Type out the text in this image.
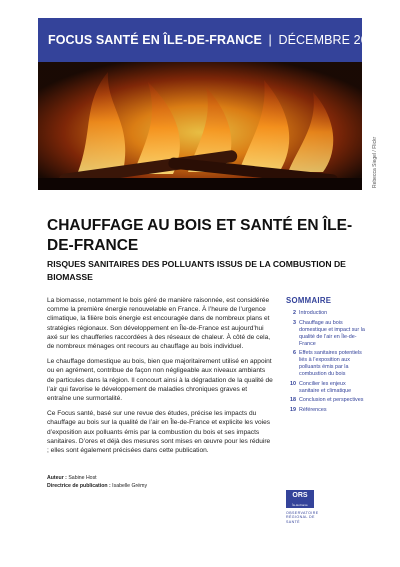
FOCUS SANTÉ EN ÎLE-DE-FRANCE | DÉCEMBRE 2018
Rebecca Siegel / Flickr
CHAUFFAGE AU BOIS ET SANTÉ EN ÎLE-DE-FRANCE
RISQUES SANITAIRES DES POLLUANTS ISSUS DE LA COMBUSTION DE BIOMASSE

La biomasse, notamment le bois géré de manière raisonnée, est considérée comme la première énergie renouvelable en France. À l’heure de l’urgence climatique, la filière bois énergie est encouragée dans de nombreux plans et stratégies régionaux. Son développement en Île-de-France est aujourd’hui axé sur les chaufferies raccordées à des réseaux de chaleur. À côté de cela, de nombreux ménages ont recours au chauffage au bois individuel.

Le chauffage domestique au bois, bien que majoritairement utilisé en appoint ou en agrément, contribue de façon non négligeable aux niveaux ambiants de particules dans la région. Il concourt ainsi à la dégradation de la qualité de l’air qui favorise le développement de maladies chroniques graves et entraîne une surmortalité.

Ce Focus santé, basé sur une revue des études, précise les impacts du chauffage au bois sur la qualité de l’air en Île-de-France et explicite les voies d’exposition aux polluants émis par la combustion du bois et ses impacts sanitaires. D’ores et déjà des mesures sont mises en œuvre pour les réduire ; elles sont également précisées dans cette publication.

Auteur : Sabine Host
Directrice de publication : Isabelle Grémy
SOMMAIRE
2 Introduction
3 Chauffage au bois domestique et impact sur la qualité de l’air en Île-de-France
6 Effets sanitaires potentiels liés à l’exposition aux polluants émis par la combustion du bois
10 Concilier les enjeux sanitaire et climatique
18 Conclusion et perspectives
19 Références
ORS
Île-de-France
OBSERVATOIRE RÉGIONAL DE SANTÉ
